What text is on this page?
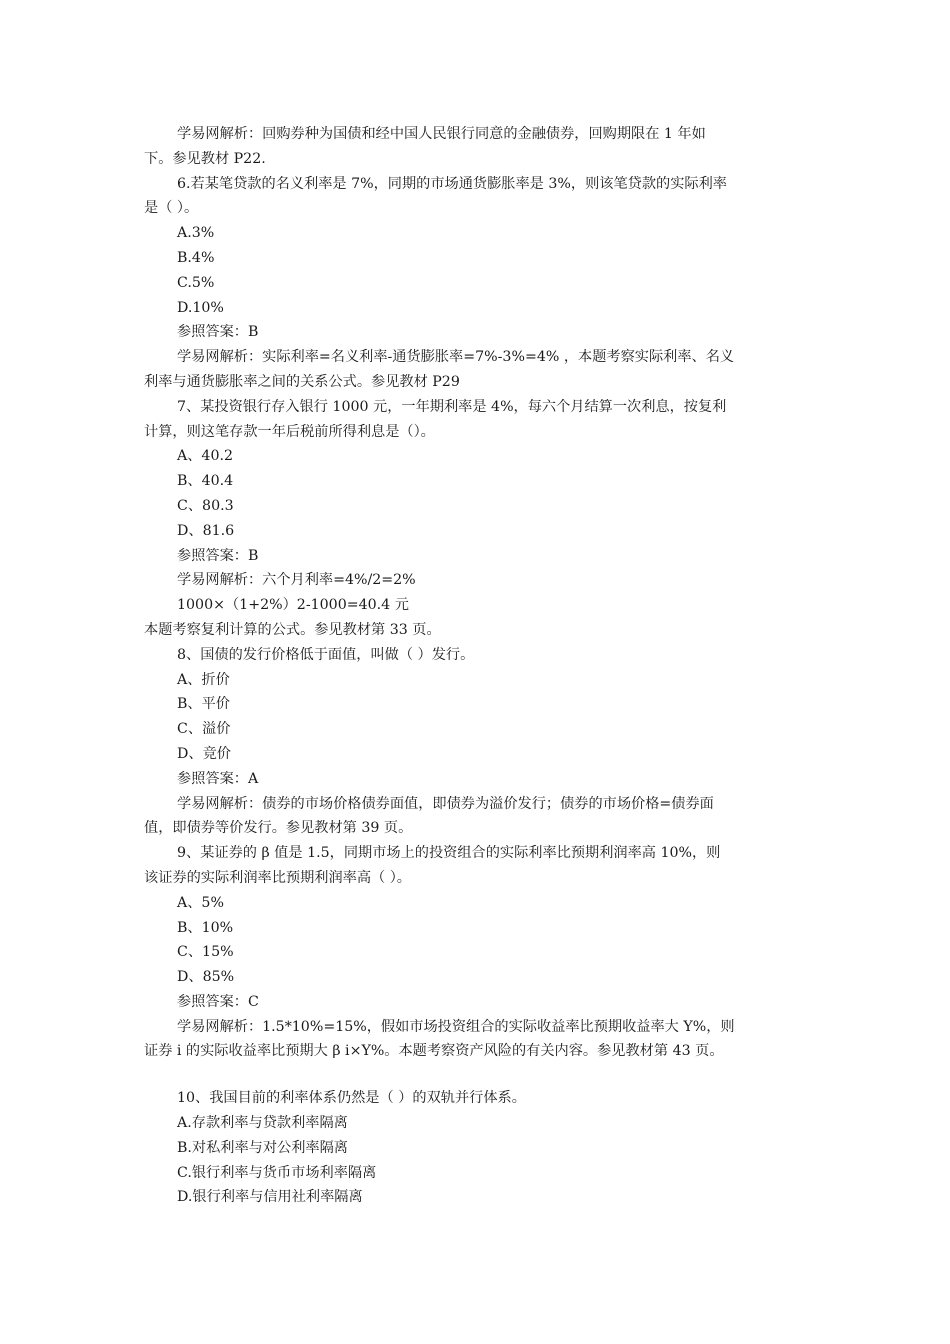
学易网解析：回购券种为国债和经中国人民银行同意的金融债券，回购期限在 1 年如
下。参见教材 P22.
6.若某笔贷款的名义利率是 7%，同期的市场通货膨胀率是 3%，则该笔贷款的实际利率
是（ ）。
A.3%
B.4%
C.5%
D.10%
参照答案：B
学易网解析：实际利率=名义利率-通货膨胀率=7%-3%=4% ，本题考察实际利率、名义
利率与通货膨胀率之间的关系公式。参见教材 P29
7、某投资银行存入银行 1000 元，一年期利率是 4%，每六个月结算一次利息，按复利
计算，则这笔存款一年后税前所得利息是（）。
A、40.2
B、40.4
C、80.3
D、81.6
参照答案：B
学易网解析：六个月利率=4%/2=2%
1000×（1+2%）2-1000=40.4 元
本题考察复利计算的公式。参见教材第 33 页。
8、国债的发行价格低于面值，叫做（ ）发行。
A、折价
B、平价
C、溢价
D、竞价
参照答案：A
学易网解析：债券的市场价格债券面值，即债券为溢价发行；债券的市场价格=债券面
值，即债券等价发行。参见教材第 39 页。
9、某证券的 β 值是 1.5，同期市场上的投资组合的实际利率比预期利润率高 10%，则
该证券的实际利润率比预期利润率高（ ）。
A、5%
B、10%
C、15%
D、85%
参照答案：C
学易网解析：1.5*10%=15%，假如市场投资组合的实际收益率比预期收益率大 Y%，则
证券 i 的实际收益率比预期大 β i×Y%。本题考察资产风险的有关内容。参见教材第 43 页。
10、我国目前的利率体系仍然是（ ）的双轨并行体系。
A.存款利率与贷款利率隔离
B.对私利率与对公利率隔离
C.银行利率与货币市场利率隔离
D.银行利率与信用社利率隔离
